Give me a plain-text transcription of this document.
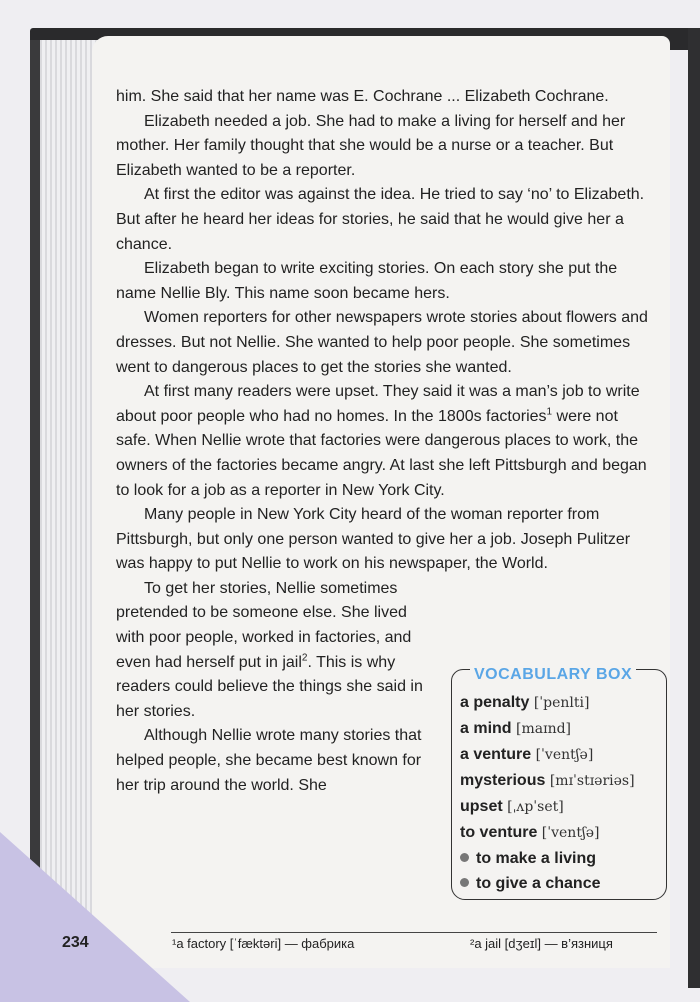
him. She said that her name was E. Cochrane ... Elizabeth Cochrane.

Elizabeth needed a job. She had to make a living for herself and her mother. Her family thought that she would be a nurse or a teacher. But Elizabeth wanted to be a reporter.

At first the editor was against the idea. He tried to say ‘no’ to Elizabeth. But after he heard her ideas for stories, he said that he would give her a chance.

Elizabeth began to write exciting stories. On each story she put the name Nellie Bly. This name soon became hers.

Women reporters for other newspapers wrote stories about flowers and dresses. But not Nellie. She wanted to help poor people. She sometimes went to dangerous places to get the stories she wanted.

At first many readers were upset. They said it was a man’s job to write about poor people who had no homes. In the 1800s factories$^1$ were not safe. When Nellie wrote that factories were dangerous places to work, the owners of the factories became angry. At last she left Pittsburgh and began to look for a job as a reporter in New York City.

Many people in New York City heard of the woman reporter from Pittsburgh, but only one person wanted to give her a job. Joseph Pulitzer was happy to put Nellie to work on his newspaper, the World.

To get her stories, Nellie sometimes pretended to be someone else. She lived with poor people, worked in factories, and even had herself put in jail$^2$. This is why readers could believe the things she said in her stories.

Although Nellie wrote many stories that helped people, she became best known for her trip around the world. She

VOCABULARY BOX
a penalty [ˈpenlti]
a mind [maɪnd]
a venture [ˈventʃə]
mysterious [mɪˈstɪəriəs]
upset [ˌʌpˈset]
to venture [ˈventʃə]
to make a living
to give a chance
234	¹a factory [ˈfæktəri] — фабрика	²a jail [dʒeɪl] — в’язниця
